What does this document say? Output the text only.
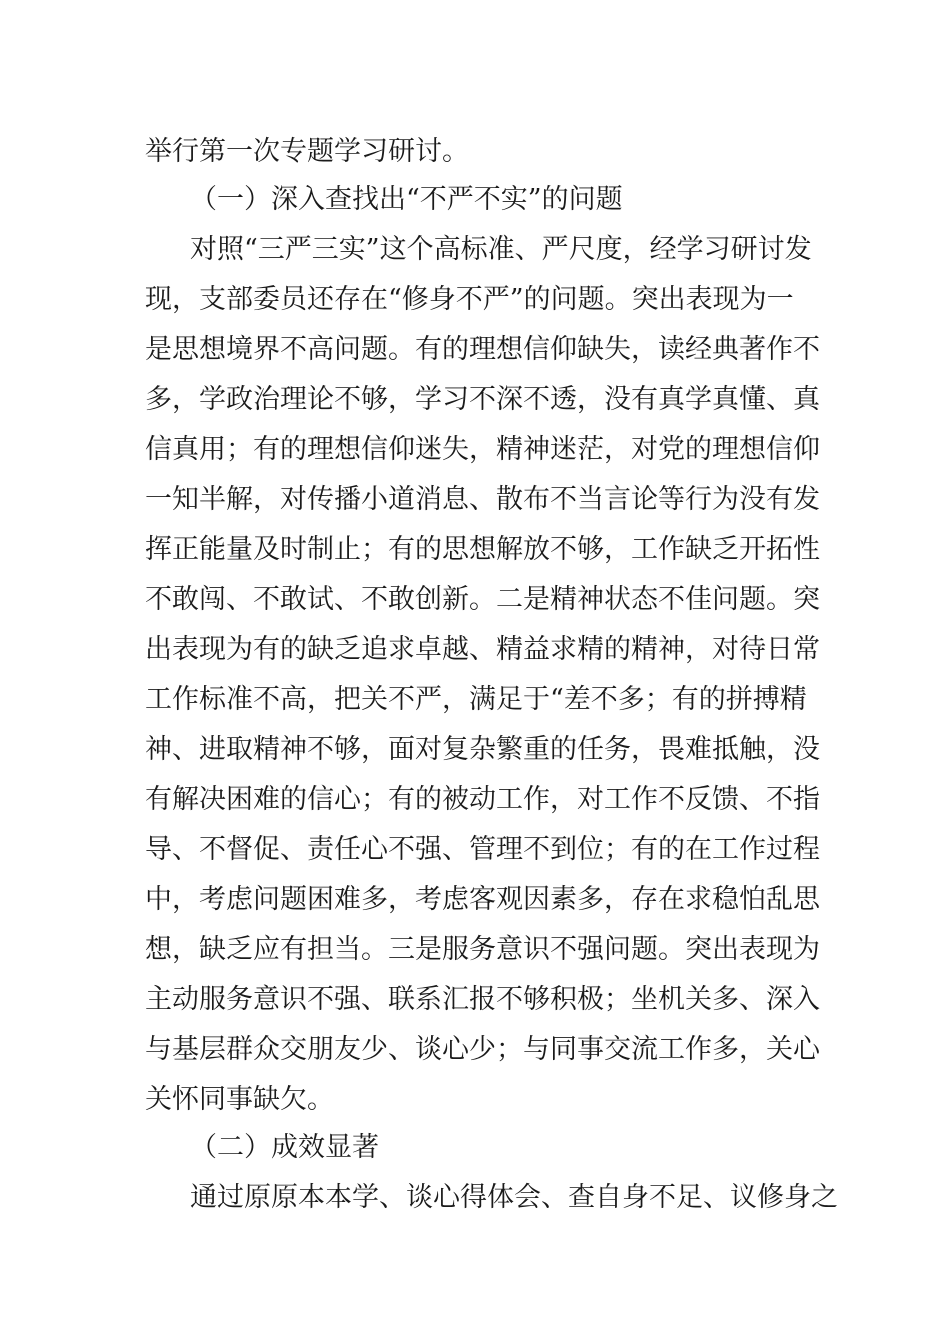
举行第一次专题学习研讨。
（一）深入查找出“不严不实”的问题
对照“三严三实”这个高标准、严尺度，经学习研讨发
现，支部委员还存在“修身不严”的问题。突出表现为一
是思想境界不高问题。有的理想信仰缺失，读经典著作不
多，学政治理论不够，学习不深不透，没有真学真懂、真
信真用；有的理想信仰迷失，精神迷茫，对党的理想信仰
一知半解，对传播小道消息、散布不当言论等行为没有发
挥正能量及时制止；有的思想解放不够，工作缺乏开拓性
不敢闯、不敢试、不敢创新。二是精神状态不佳问题。突
出表现为有的缺乏追求卓越、精益求精的精神，对待日常
工作标准不高，把关不严，满足于“差不多；有的拼搏精
神、进取精神不够，面对复杂繁重的任务，畏难抵触，没
有解决困难的信心；有的被动工作，对工作不反馈、不指
导、不督促、责任心不强、管理不到位；有的在工作过程
中，考虑问题困难多，考虑客观因素多，存在求稳怕乱思
想，缺乏应有担当。三是服务意识不强问题。突出表现为
主动服务意识不强、联系汇报不够积极；坐机关多、深入
与基层群众交朋友少、谈心少；与同事交流工作多，关心
关怀同事缺欠。
（二）成效显著
通过原原本本学、谈心得体会、查自身不足、议修身之
